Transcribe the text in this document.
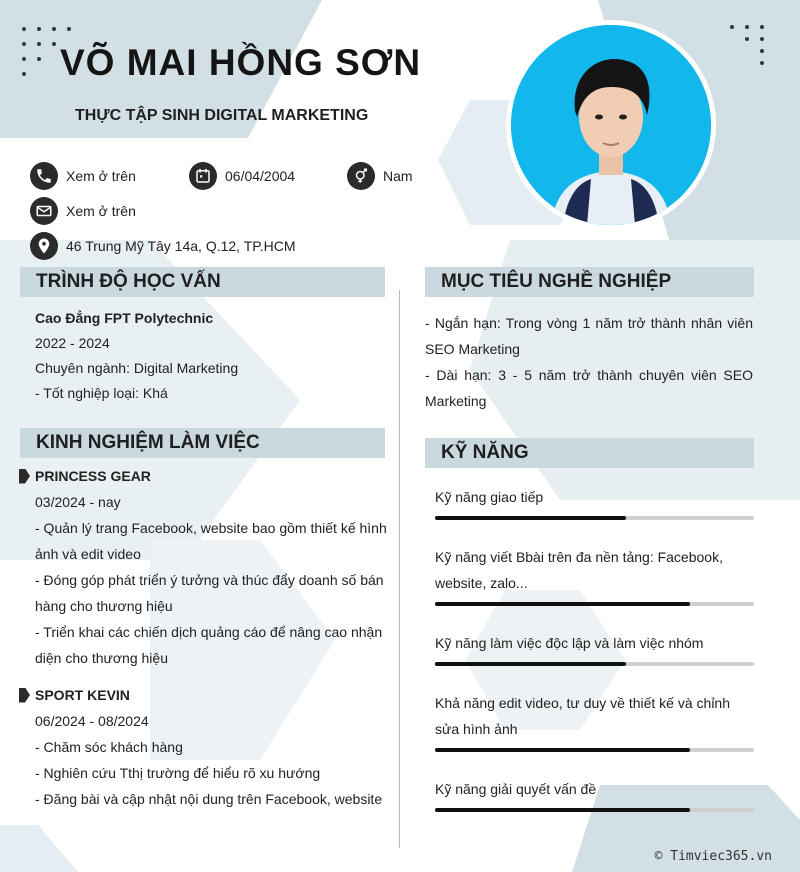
VÕ MAI HỒNG SƠN
THỰC TẬP SINH DIGITAL MARKETING
Xem ở trên	06/04/2004	Nam
Xem ở trên
46 Trung Mỹ Tây 14a, Q.12, TP.HCM
TRÌNH ĐỘ HỌC VẤN	MỤC TIÊU NGHỀ NGHIỆP
KINH NGHIỆM LÀM VIỆC	KỸ NĂNG
Cao Đẳng FPT Polytechnic
2022 - 2024
Chuyên ngành: Digital Marketing
- Tốt nghiệp loại: Khá
PRINCESS GEAR

03/2024 - nay

- Quản lý trang Facebook, website bao gồm thiết kế hình ảnh và edit video

- Đóng góp phát triển ý tưởng và thúc đẩy doanh số bán hàng cho thương hiệu

- Triển khai các chiến dịch quảng cáo để nâng cao nhận diện cho thương hiệu

SPORT KEVIN

06/2024 - 08/2024

- Chăm sóc khách hàng

- Nghiên cứu Tthị trường để hiểu rõ xu hướng

- Đăng bài và cập nhật nội dung trên Facebook, website

- Ngắn hạn: Trong vòng 1 năm trở thành nhân viên SEO Marketing

- Dài hạn: 3 - 5 năm trở thành chuyên viên SEO Marketing

Kỹ năng giao tiếp
Kỹ năng viết Bbài trên đa nền tảng: Facebook, website, zalo...
Kỹ năng làm việc độc lập và làm việc nhóm
Khả năng edit video, tư duy về thiết kế và chỉnh sửa hình ảnh
Kỹ năng giải quyết vấn đề
© Timviec365.vn
